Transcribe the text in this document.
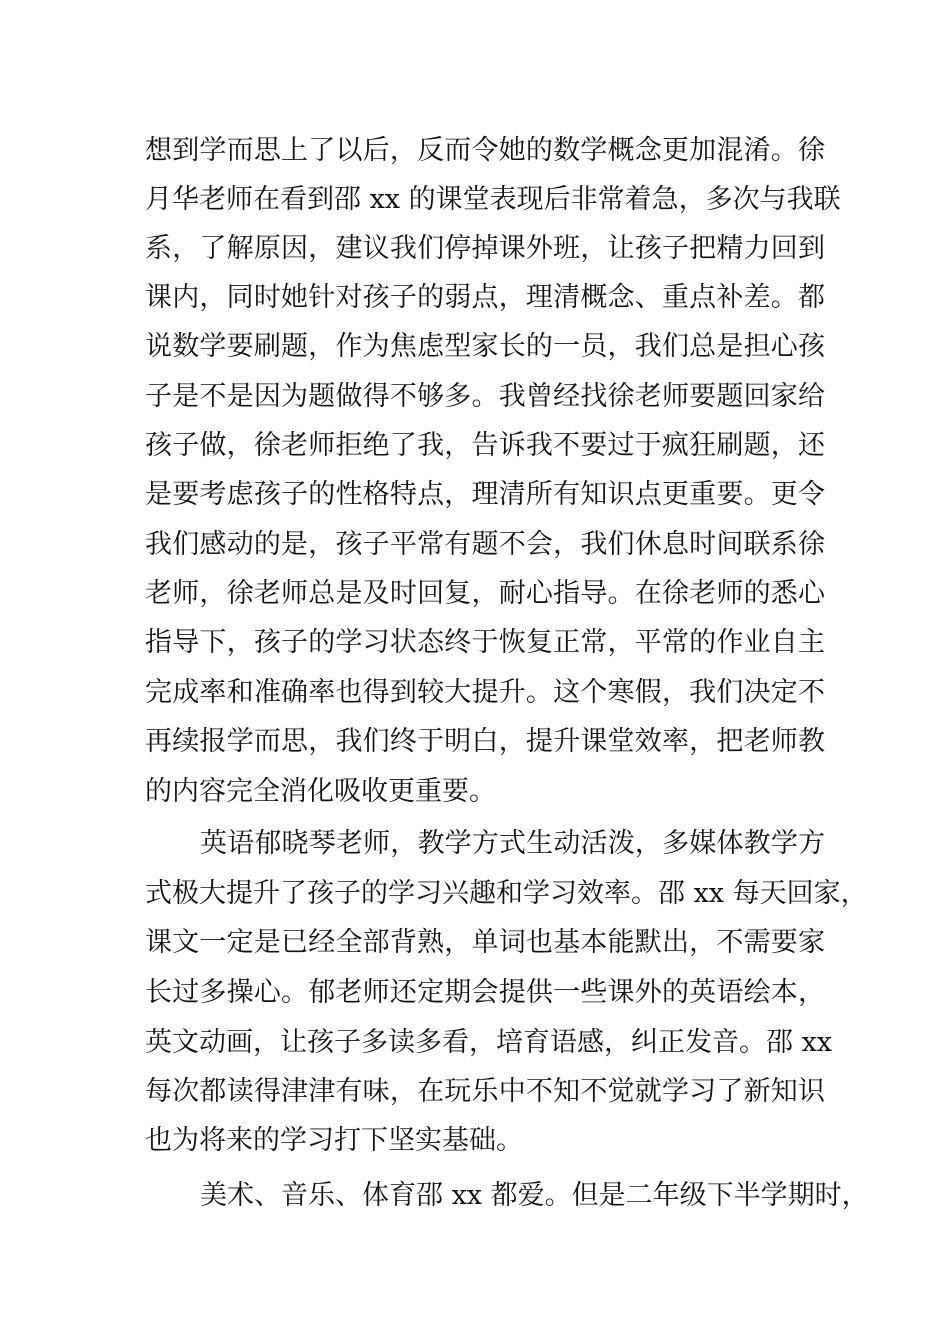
想到学而思上了以后，反而令她的数学概念更加混淆。徐
月华老师在看到邵 xx 的课堂表现后非常着急，多次与我联
系，了解原因，建议我们停掉课外班，让孩子把精力回到
课内，同时她针对孩子的弱点，理清概念、重点补差。都
说数学要刷题，作为焦虑型家长的一员，我们总是担心孩
子是不是因为题做得不够多。我曾经找徐老师要题回家给
孩子做，徐老师拒绝了我，告诉我不要过于疯狂刷题，还
是要考虑孩子的性格特点，理清所有知识点更重要。更令
我们感动的是，孩子平常有题不会，我们休息时间联系徐
老师，徐老师总是及时回复，耐心指导。在徐老师的悉心
指导下，孩子的学习状态终于恢复正常，平常的作业自主
完成率和准确率也得到较大提升。这个寒假，我们决定不
再续报学而思，我们终于明白，提升课堂效率，把老师教
的内容完全消化吸收更重要。
英语郁晓琴老师，教学方式生动活泼，多媒体教学方
式极大提升了孩子的学习兴趣和学习效率。邵 xx 每天回家，
课文一定是已经全部背熟，单词也基本能默出，不需要家
长过多操心。郁老师还定期会提供一些课外的英语绘本，
英文动画，让孩子多读多看，培育语感，纠正发音。邵 xx
每次都读得津津有味，在玩乐中不知不觉就学习了新知识
也为将来的学习打下坚实基础。
美术、音乐、体育邵 xx 都爱。但是二年级下半学期时，
